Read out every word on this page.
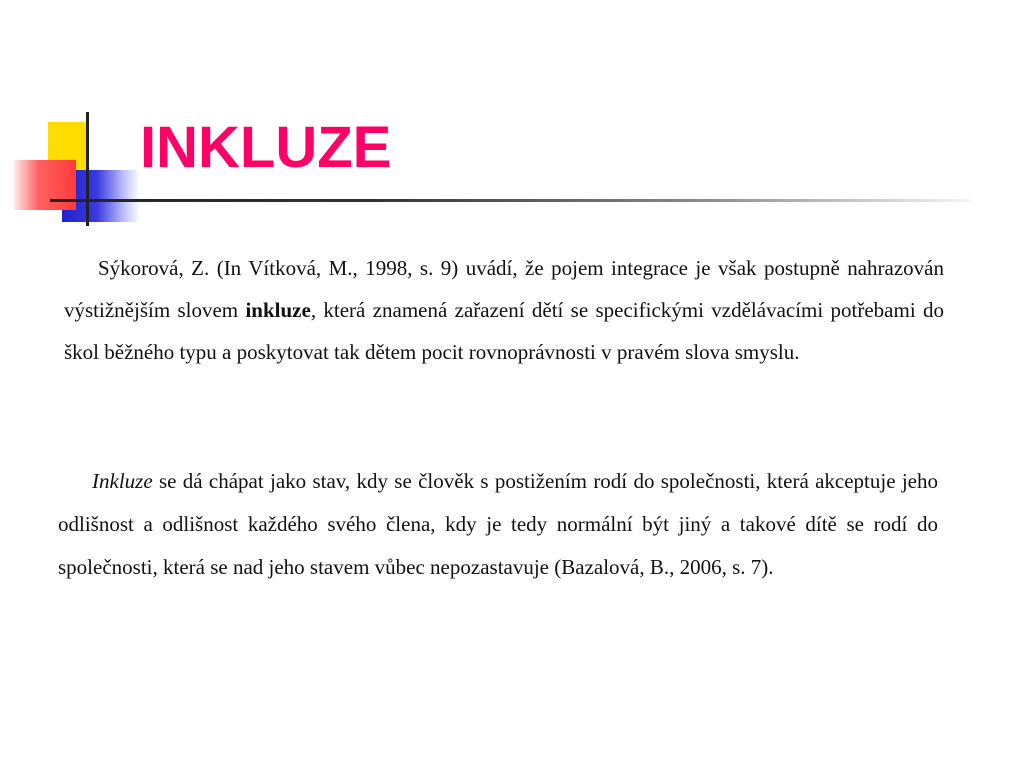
INKLUZE

Sýkorová, Z. (In Vítková, M., 1998, s. 9) uvádí, že pojem integrace je však postupně nahrazován výstižnějším slovem inkluze, která znamená zařazení dětí se specifickými vzdělávacími potřebami do škol běžného typu a poskytovat tak dětem pocit rovnoprávnosti v pravém slova smyslu.

Inkluze se dá chápat jako stav, kdy se člověk s postižením rodí do společnosti, která akceptuje jeho odlišnost a odlišnost každého svého člena, kdy je tedy normální být jiný a takové dítě se rodí do společnosti, která se nad jeho stavem vůbec nepozastavuje (Bazalová, B., 2006, s. 7).
